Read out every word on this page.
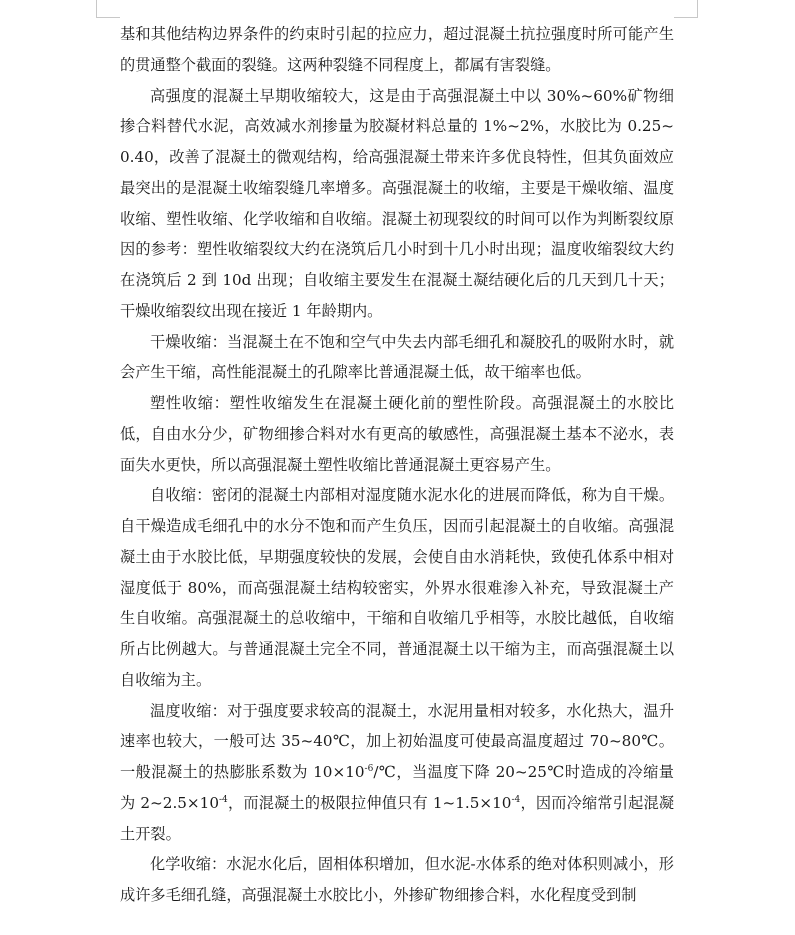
基和其他结构边界条件的约束时引起的拉应力，超过混凝土抗拉强度时所可能产生的贯通整个截面的裂缝。这两种裂缝不同程度上，都属有害裂缝。

高强度的混凝土早期收缩较大，这是由于高强混凝土中以 30%~60%矿物细掺合料替代水泥，高效减水剂掺量为胶凝材料总量的 1%~2%，水胶比为 0.25~0.40，改善了混凝土的微观结构，给高强混凝土带来许多优良特性，但其负面效应最突出的是混凝土收缩裂缝几率增多。高强混凝土的收缩，主要是干燥收缩、温度收缩、塑性收缩、化学收缩和自收缩。混凝土初现裂纹的时间可以作为判断裂纹原因的参考：塑性收缩裂纹大约在浇筑后几小时到十几小时出现；温度收缩裂纹大约在浇筑后 2 到 10d 出现；自收缩主要发生在混凝土凝结硬化后的几天到几十天；干燥收缩裂纹出现在接近 1 年龄期内。

干燥收缩：当混凝土在不饱和空气中失去内部毛细孔和凝胶孔的吸附水时，就会产生干缩，高性能混凝土的孔隙率比普通混凝土低，故干缩率也低。

塑性收缩：塑性收缩发生在混凝土硬化前的塑性阶段。高强混凝土的水胶比低，自由水分少，矿物细掺合料对水有更高的敏感性，高强混凝土基本不泌水，表面失水更快，所以高强混凝土塑性收缩比普通混凝土更容易产生。

自收缩：密闭的混凝土内部相对湿度随水泥水化的进展而降低，称为自干燥。自干燥造成毛细孔中的水分不饱和而产生负压，因而引起混凝土的自收缩。高强混凝土由于水胶比低，早期强度较快的发展，会使自由水消耗快，致使孔体系中相对湿度低于 80%，而高强混凝土结构较密实，外界水很难渗入补充，导致混凝土产生自收缩。高强混凝土的总收缩中，干缩和自收缩几乎相等，水胶比越低，自收缩所占比例越大。与普通混凝土完全不同，普通混凝土以干缩为主，而高强混凝土以自收缩为主。

温度收缩：对于强度要求较高的混凝土，水泥用量相对较多，水化热大，温升速率也较大，一般可达 35~40℃，加上初始温度可使最高温度超过 70~80℃。一般混凝土的热膨胀系数为 $10\times 10^{-6}/℃$，当温度下降 20~25℃时造成的冷缩量为 $2\sim 2.5\times 10^{-4}$，而混凝土的极限拉伸值只有 $1\sim 1.5\times 10^{-4}$，因而冷缩常引起混凝土开裂。

化学收缩：水泥水化后，固相体积增加，但水泥-水体系的绝对体积则减小，形成许多毛细孔缝，高强混凝土水胶比小，外掺矿物细掺合料，水化程度受到制
